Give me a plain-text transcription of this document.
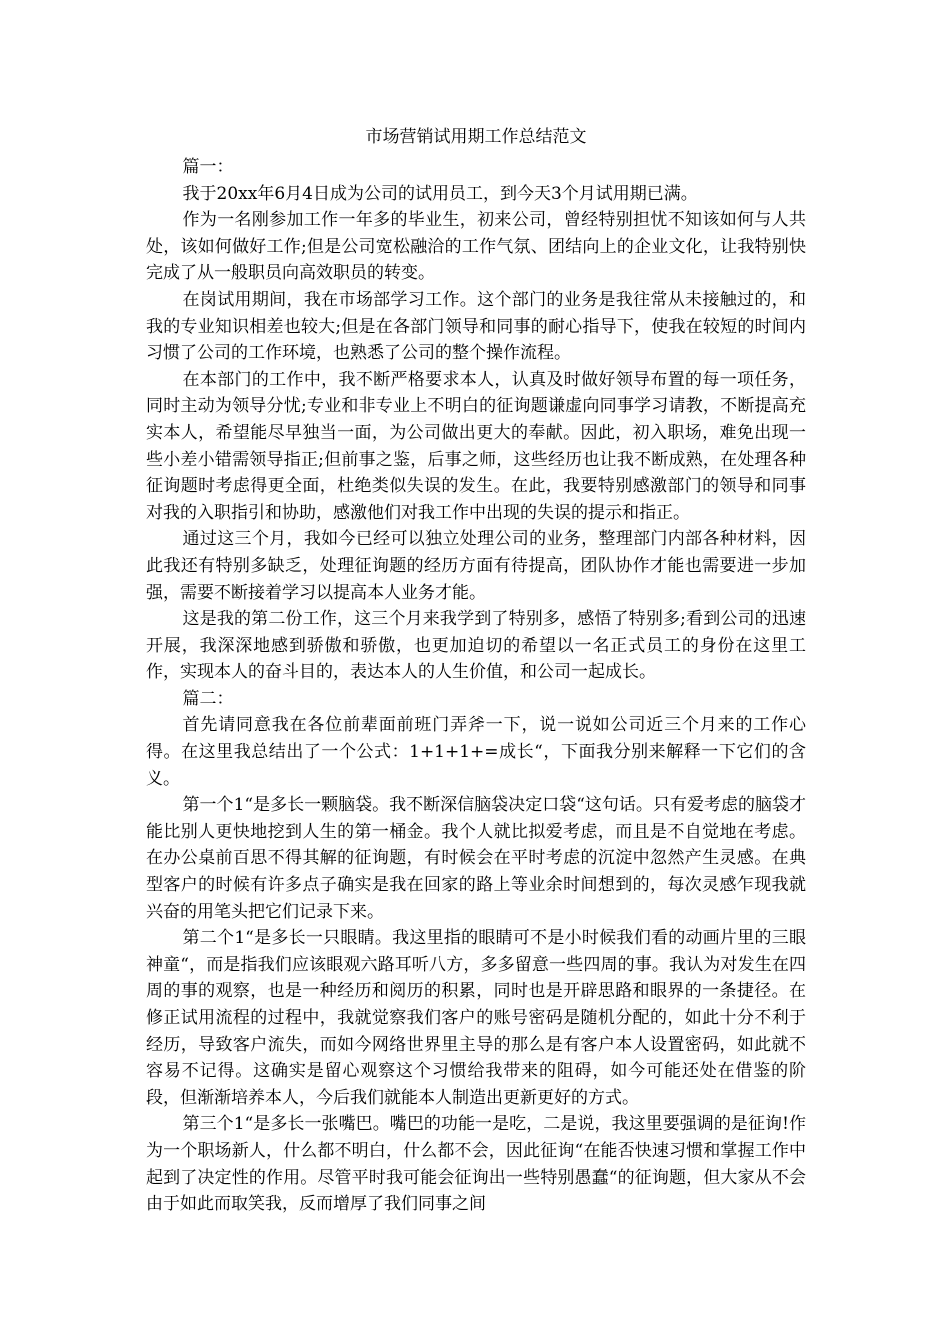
市场营销试用期工作总结范文

篇一：

我于20xx年6月4日成为公司的试用员工，到今天3个月试用期已满。

作为一名刚参加工作一年多的毕业生，初来公司，曾经特别担忧不知该如何与人共处，该如何做好工作;但是公司宽松融洽的工作气氛、团结向上的企业文化，让我特别快完成了从一般职员向高效职员的转变。

在岗试用期间，我在市场部学习工作。这个部门的业务是我往常从未接触过的，和我的专业知识相差也较大;但是在各部门领导和同事的耐心指导下，使我在较短的时间内习惯了公司的工作环境，也熟悉了公司的整个操作流程。

在本部门的工作中，我不断严格要求本人，认真及时做好领导布置的每一项任务，同时主动为领导分忧;专业和非专业上不明白的征询题谦虚向同事学习请教，不断提高充实本人，希望能尽早独当一面，为公司做出更大的奉献。因此，初入职场，难免出现一些小差小错需领导指正;但前事之鉴，后事之师，这些经历也让我不断成熟，在处理各种征询题时考虑得更全面，杜绝类似失误的发生。在此，我要特别感激部门的领导和同事对我的入职指引和协助，感激他们对我工作中出现的失误的提示和指正。

通过这三个月，我如今已经可以独立处理公司的业务，整理部门内部各种材料，因此我还有特别多缺乏，处理征询题的经历方面有待提高，团队协作才能也需要进一步加强，需要不断接着学习以提高本人业务才能。

这是我的第二份工作，这三个月来我学到了特别多，感悟了特别多;看到公司的迅速开展，我深深地感到骄傲和骄傲，也更加迫切的希望以一名正式员工的身份在这里工作，实现本人的奋斗目的，表达本人的人生价值，和公司一起成长。

篇二：

首先请同意我在各位前辈面前班门弄斧一下，说一说如公司近三个月来的工作心得。在这里我总结出了一个公式：1+1+1+=成长“，下面我分别来解释一下它们的含义。

第一个1“是多长一颗脑袋。我不断深信脑袋决定口袋“这句话。只有爱考虑的脑袋才能比别人更快地挖到人生的第一桶金。我个人就比拟爱考虑，而且是不自觉地在考虑。在办公桌前百思不得其解的征询题，有时候会在平时考虑的沉淀中忽然产生灵感。在典型客户的时候有许多点子确实是我在回家的路上等业余时间想到的，每次灵感乍现我就兴奋的用笔头把它们记录下来。

第二个1“是多长一只眼睛。我这里指的眼睛可不是小时候我们看的动画片里的三眼神童“，而是指我们应该眼观六路耳听八方，多多留意一些四周的事。我认为对发生在四周的事的观察，也是一种经历和阅历的积累，同时也是开辟思路和眼界的一条捷径。在修正试用流程的过程中，我就觉察我们客户的账号密码是随机分配的，如此十分不利于经历，导致客户流失，而如今网络世界里主导的那么是有客户本人设置密码，如此就不容易不记得。这确实是留心观察这个习惯给我带来的阻碍，如今可能还处在借鉴的阶段，但渐渐培养本人，今后我们就能本人制造出更新更好的方式。

第三个1“是多长一张嘴巴。嘴巴的功能一是吃，二是说，我这里要强调的是征询!作为一个职场新人，什么都不明白，什么都不会，因此征询“在能否快速习惯和掌握工作中起到了决定性的作用。尽管平时我可能会征询出一些特别愚蠢“的征询题，但大家从不会由于如此而取笑我，反而增厚了我们同事之间
